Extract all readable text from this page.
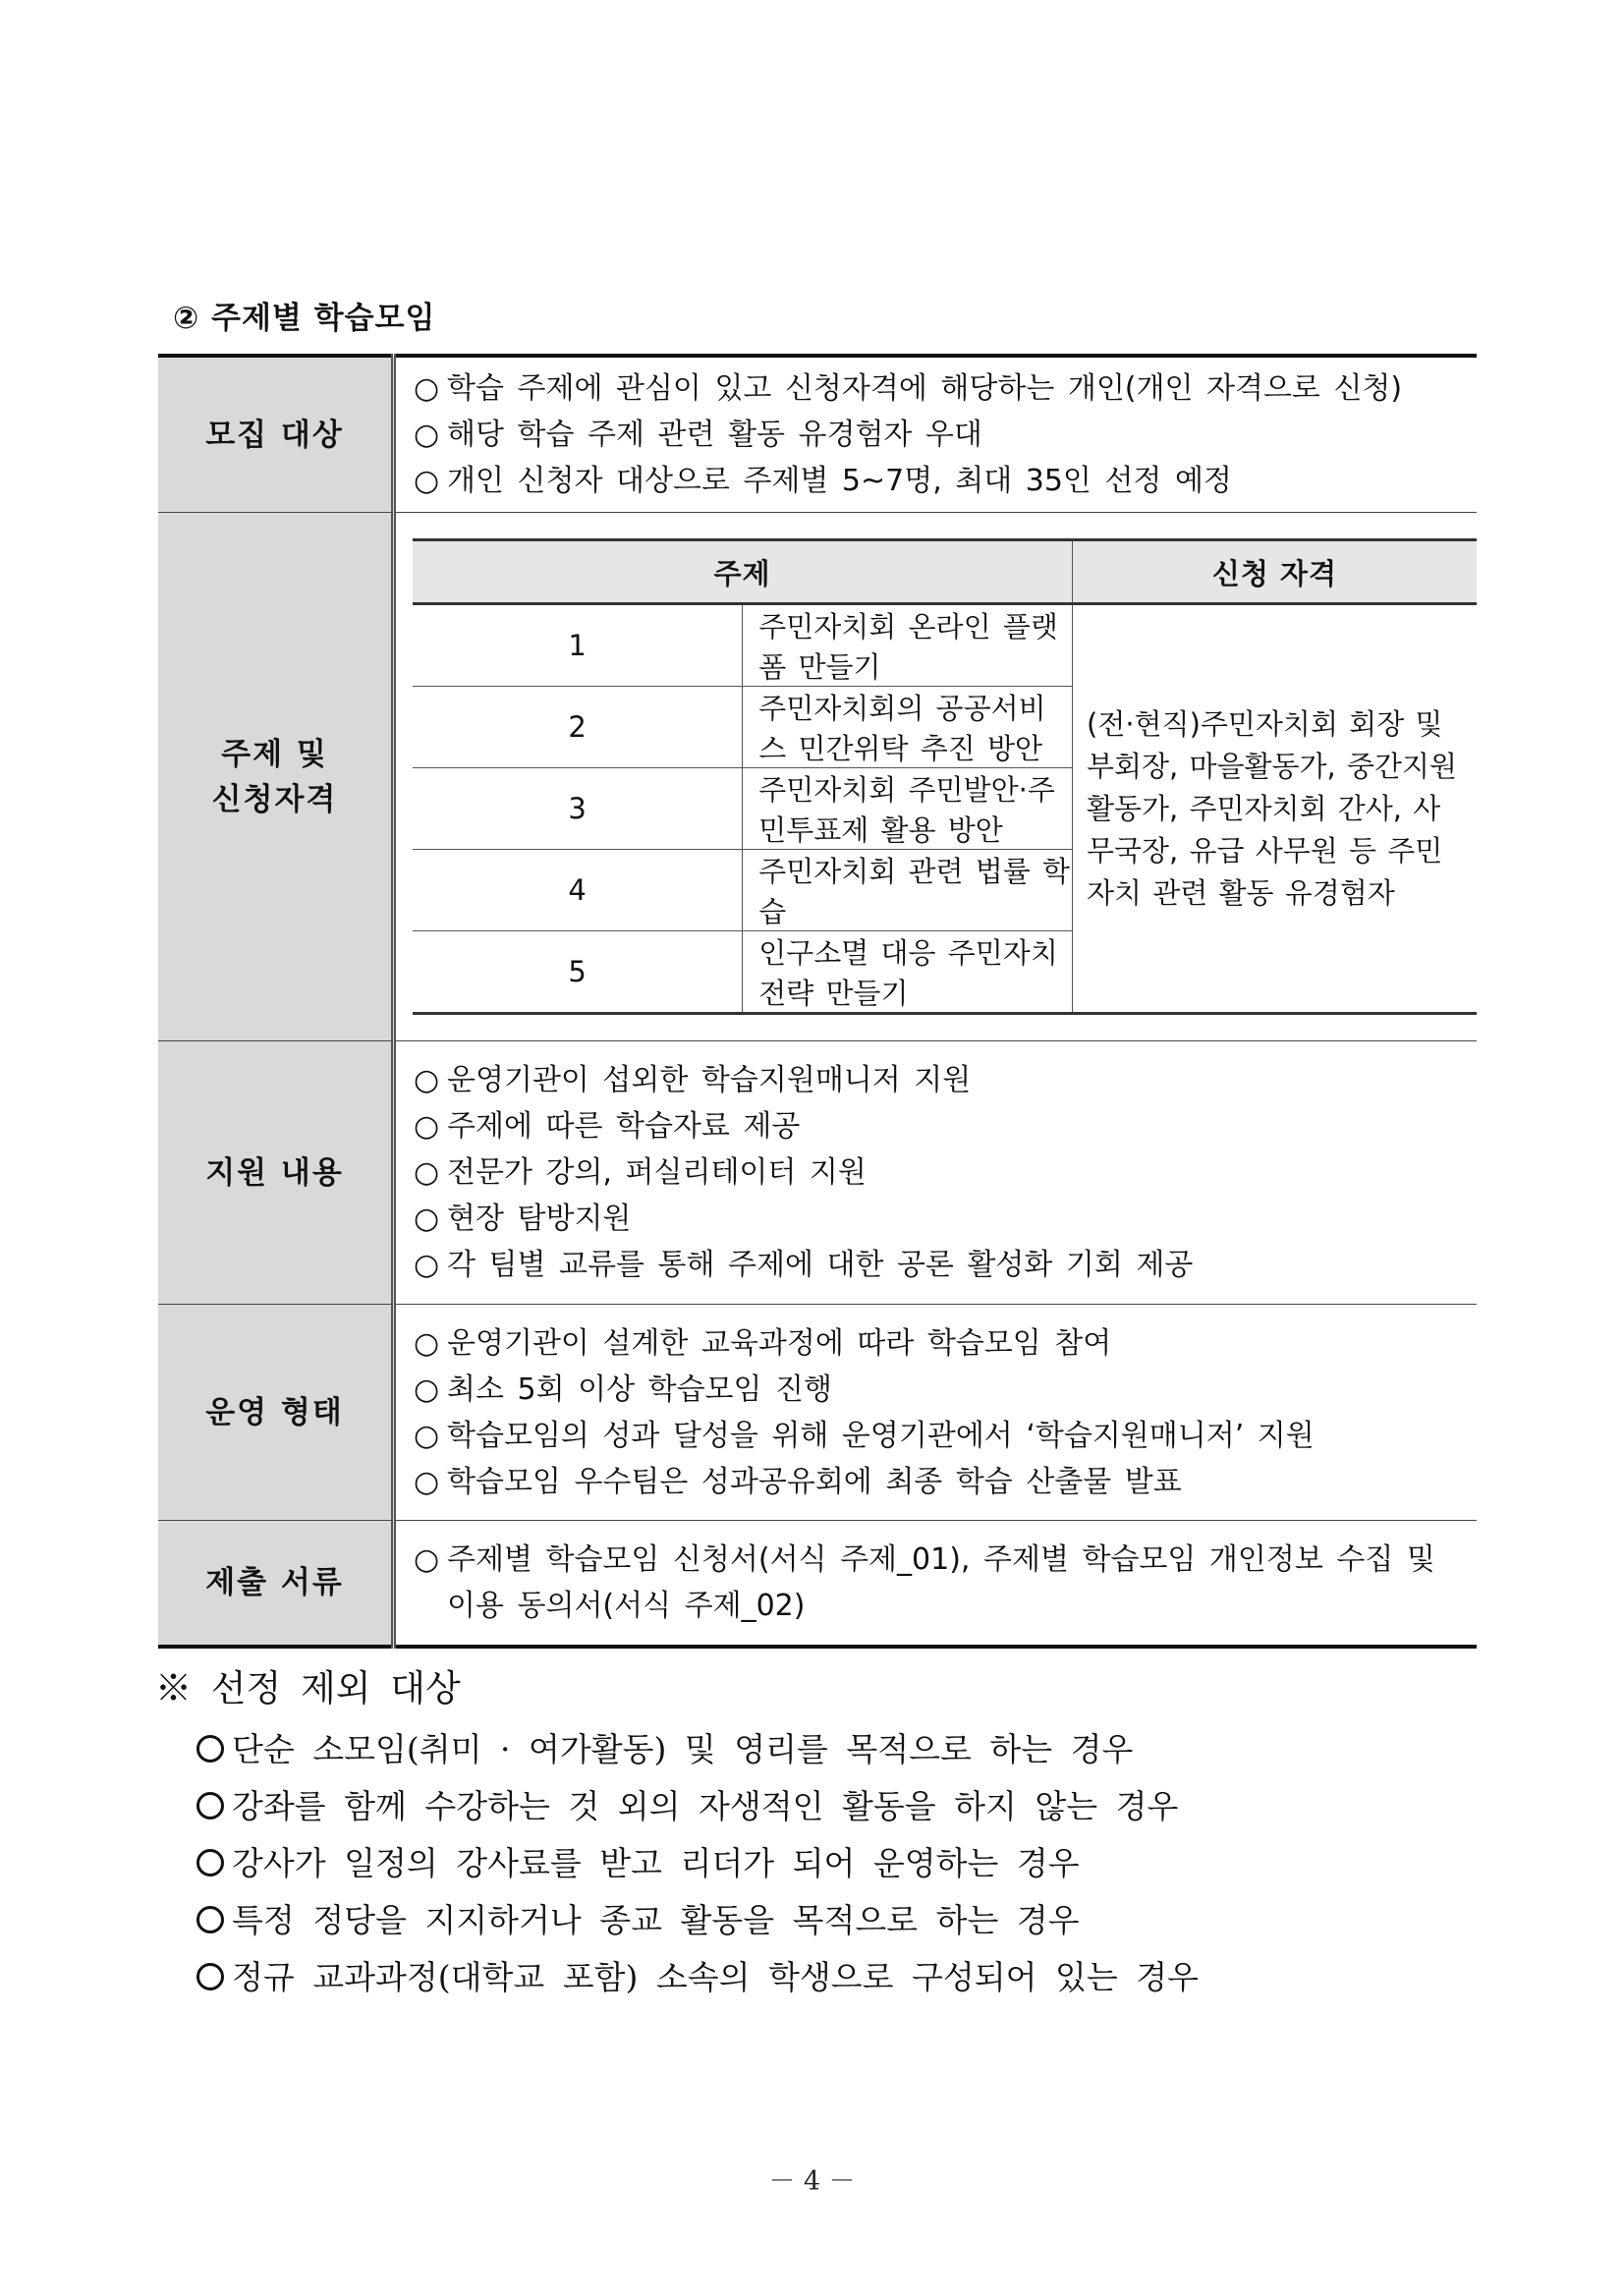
② 주제별 학습모임
모집 대상	
○ 학습 주제에 관심이 있고 신청자격에 해당하는 개인(개인 자격으로 신청)
○ 해당 학습 주제 관련 활동 유경험자 우대
○ 개인 신청자 대상으로 주제별 5~7명, 최대 35인 선정 예정

주제 및
신청자격

주제	신청 자격
1	주민자치회 온라인 플랫폼 만들기	(전·현직)주민자치회 회장 및 부회장, 마을활동가, 중간지원활동가, 주민자치회 간사, 사무국장, 유급 사무원 등 주민자치 관련 활동 유경험자
2	주민자치회의 공공서비스 민간위탁 추진 방안
3	주민자치회 주민발안·주민투표제 활용 방안
4	주민자치회 관련 법률 학습
5	인구소멸 대응 주민자치 전략 만들기

지원 내용	
○ 운영기관이 섭외한 학습지원매니저 지원
○ 주제에 따른 학습자료 제공
○ 전문가 강의, 퍼실리테이터 지원
○ 현장 탐방지원
○ 각 팀별 교류를 통해 주제에 대한 공론 활성화 기회 제공

운영 형태	
○ 운영기관이 설계한 교육과정에 따라 학습모임 참여
○ 최소 5회 이상 학습모임 진행
○ 학습모임의 성과 달성을 위해 운영기관에서 ‘학습지원매니저’ 지원
○ 학습모임 우수팀은 성과공유회에 최종 학습 산출물 발표

제출 서류	
○ 주제별 학습모임 신청서(서식 주제_01), 주제별 학습모임 개인정보 수집 및 이용 동의서(서식 주제_02)
※ 선정 제외 대상
단순 소모임(취미 · 여가활동) 및 영리를 목적으로 하는 경우
강좌를 함께 수강하는 것 외의 자생적인 활동을 하지 않는 경우
강사가 일정의 강사료를 받고 리더가 되어 운영하는 경우
특정 정당을 지지하거나 종교 활동을 목적으로 하는 경우
정규 교과과정(대학교 포함) 소속의 학생으로 구성되어 있는 경우
－ 4 －
